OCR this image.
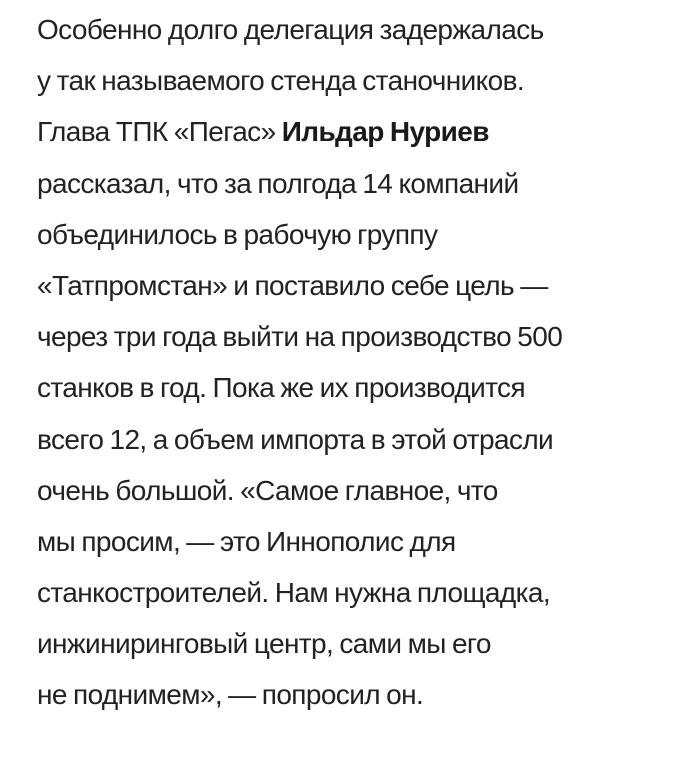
Особенно долго делегация задержалась
у так называемого стенда станочников.
Глава ТПК «Пегас» Ильдар Нуриев
рассказал, что за полгода 14 компаний
объединилось в рабочую группу
«Татпромстан» и поставило себе цель —
через три года выйти на производство 500
станков в год. Пока же их производится
всего 12, а объем импорта в этой отрасли
очень большой. «Самое главное, что
мы просим, — это Иннополис для
станкостроителей. Нам нужна площадка,
инжиниринговый центр, сами мы его
не поднимем», — попросил он.
